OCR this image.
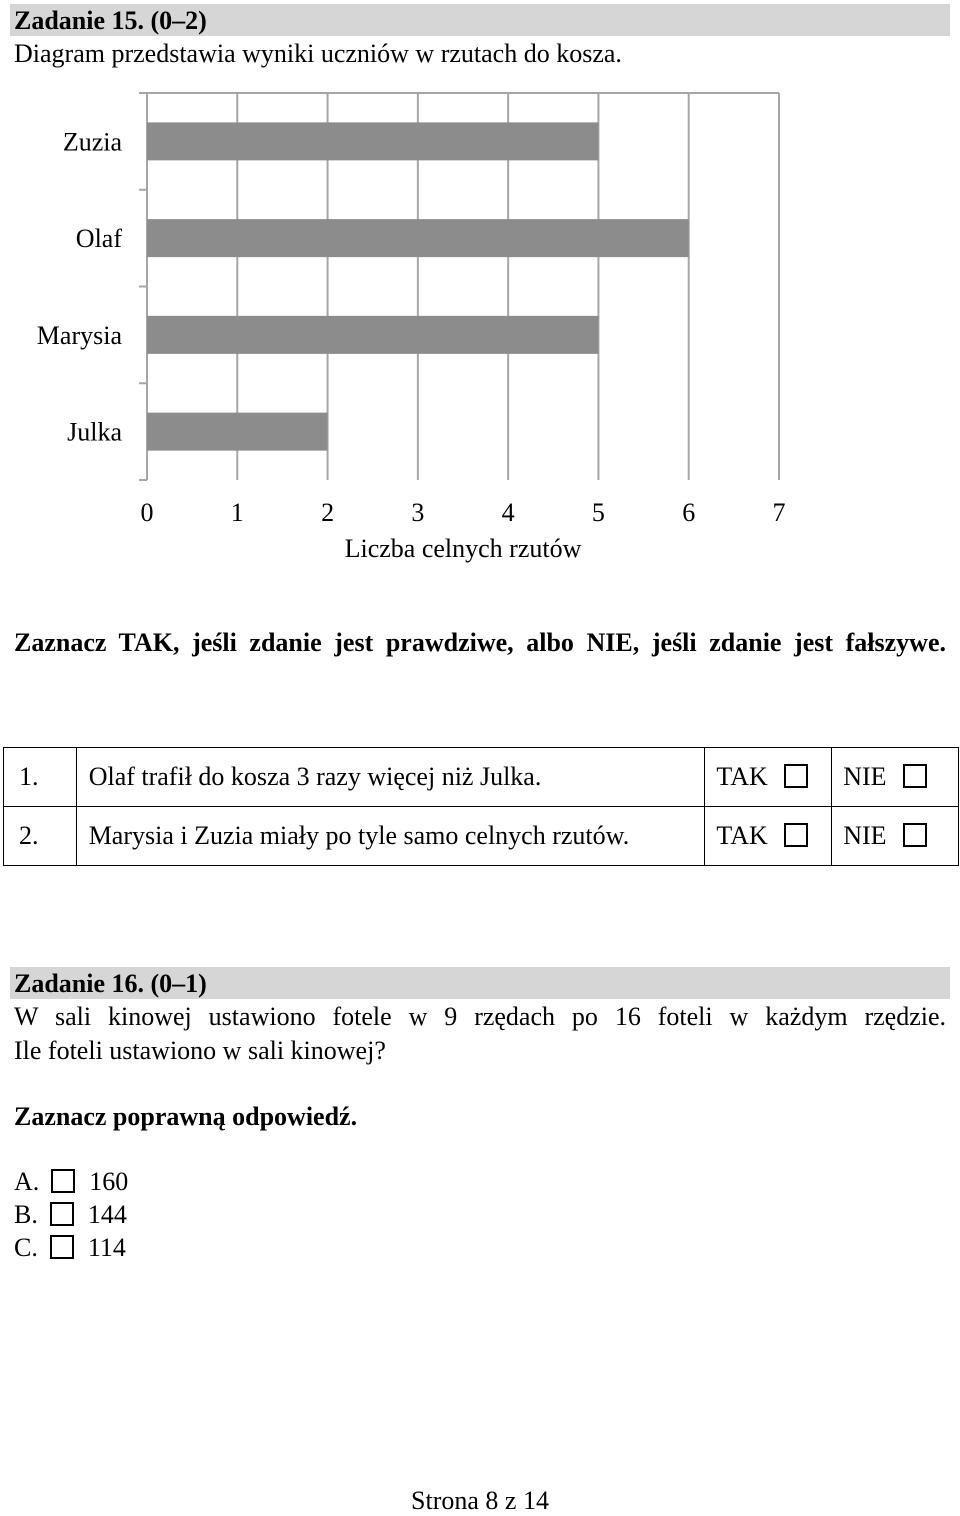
Zadanie 15. (0–2)
Diagram przedstawia wyniki uczniów w rzutach do kosza.
Zuzia
Olaf
Marysia
Julka
0	1	2	3	4	5	6	7
Liczba celnych rzutów
Zaznacz TAK, jeśli zdanie jest prawdziwe, albo NIE, jeśli zdanie jest fałszywe.
1.	Olaf trafił do kosza 3 razy więcej niż Julka.	TAK	NIE
2.	Marysia i Zuzia miały po tyle samo celnych rzutów.	TAK	NIE
Zadanie 16. (0–1)
W sali kinowej ustawiono fotele w 9 rzędach po 16 foteli w każdym rzędzie.
Ile foteli ustawiono w sali kinowej?
Zaznacz poprawną odpowiedź.
A. 160
B. 144
C. 114
Strona 8 z 14
